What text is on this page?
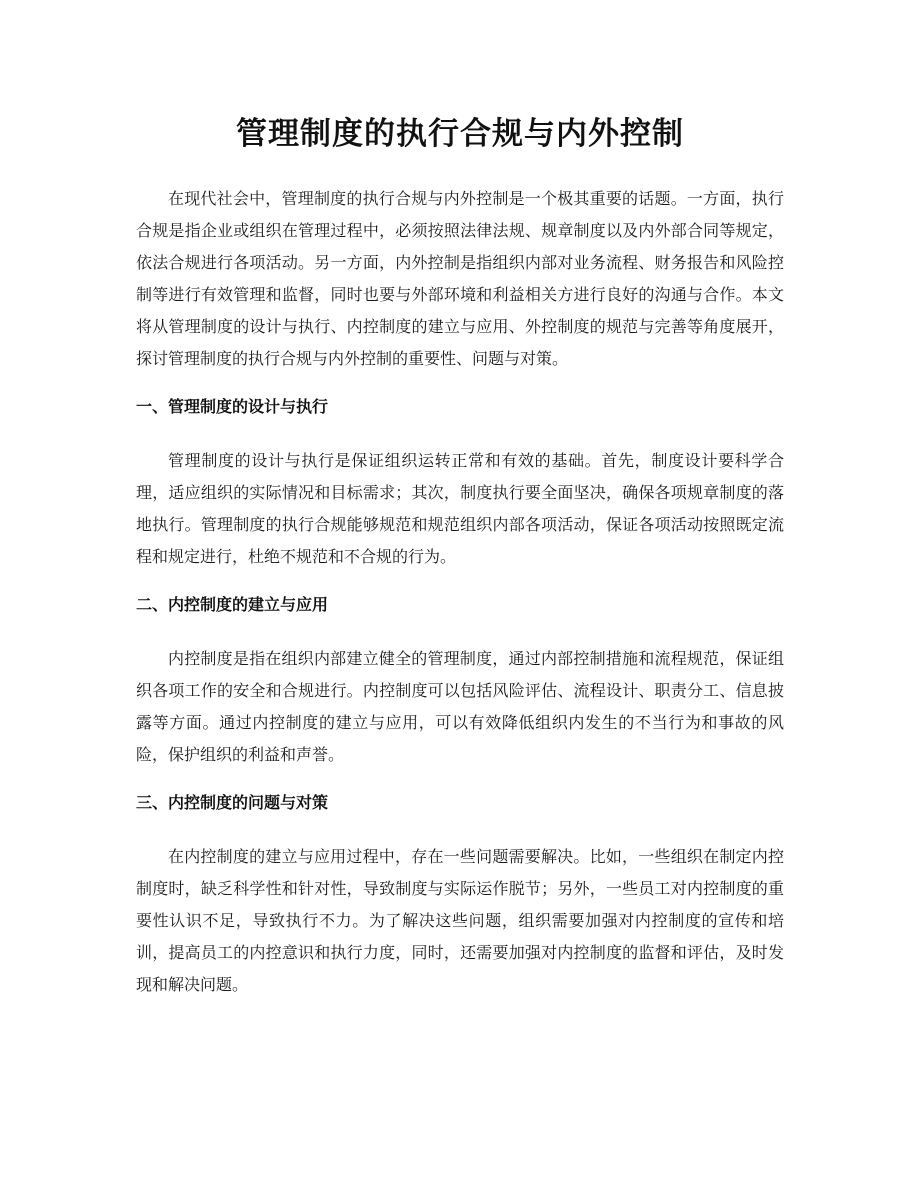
管理制度的执行合规与内外控制

在现代社会中，管理制度的执行合规与内外控制是一个极其重要的话题。一方面，执行合规是指企业或组织在管理过程中，必须按照法律法规、规章制度以及内外部合同等规定，依法合规进行各项活动。另一方面，内外控制是指组织内部对业务流程、财务报告和风险控制等进行有效管理和监督，同时也要与外部环境和利益相关方进行良好的沟通与合作。本文将从管理制度的设计与执行、内控制度的建立与应用、外控制度的规范与完善等角度展开，探讨管理制度的执行合规与内外控制的重要性、问题与对策。

一、管理制度的设计与执行

管理制度的设计与执行是保证组织运转正常和有效的基础。首先，制度设计要科学合理，适应组织的实际情况和目标需求；其次，制度执行要全面坚决，确保各项规章制度的落地执行。管理制度的执行合规能够规范和规范组织内部各项活动，保证各项活动按照既定流程和规定进行，杜绝不规范和不合规的行为。

二、内控制度的建立与应用

内控制度是指在组织内部建立健全的管理制度，通过内部控制措施和流程规范，保证组织各项工作的安全和合规进行。内控制度可以包括风险评估、流程设计、职责分工、信息披露等方面。通过内控制度的建立与应用，可以有效降低组织内发生的不当行为和事故的风险，保护组织的利益和声誉。

三、内控制度的问题与对策

在内控制度的建立与应用过程中，存在一些问题需要解决。比如，一些组织在制定内控制度时，缺乏科学性和针对性，导致制度与实际运作脱节；另外，一些员工对内控制度的重要性认识不足，导致执行不力。为了解决这些问题，组织需要加强对内控制度的宣传和培训，提高员工的内控意识和执行力度，同时，还需要加强对内控制度的监督和评估，及时发现和解决问题。
